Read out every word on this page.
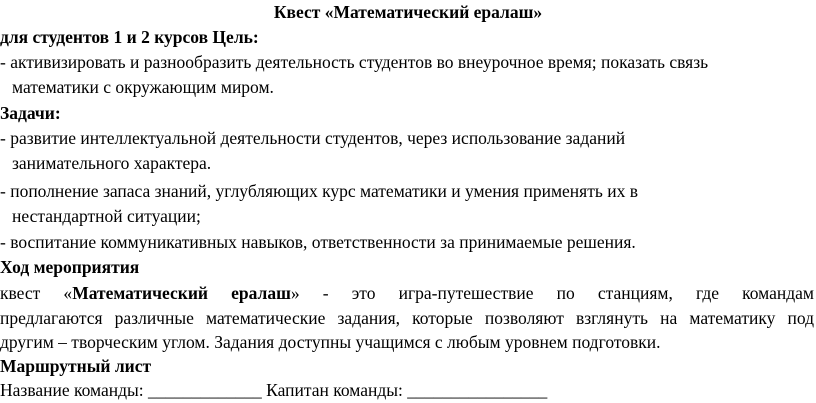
Квест «Математический ералаш»
для студентов 1 и 2 курсов Цель:
- активизировать и разнообразить деятельность студентов во внеурочное время; показать связь
математики с окружающим миром.
Задачи:
- развитие интеллектуальной деятельности студентов, через использование заданий
занимательного характера.
- пополнение запаса знаний, углубляющих курс математики и умения применять их в
нестандартной ситуации;
- воспитание коммуникативных навыков, ответственности за принимаемые решения.
Ход мероприятия
квест «Математический ералаш» - это игра-путешествие по станциям, где командам
предлагаются различные математические задания, которые позволяют взглянуть на математику под
другим – творческим углом. Задания доступны учащимся с любым уровнем подготовки.
Маршрутный лист
Название команды: _____________ Капитан команды: ________________
